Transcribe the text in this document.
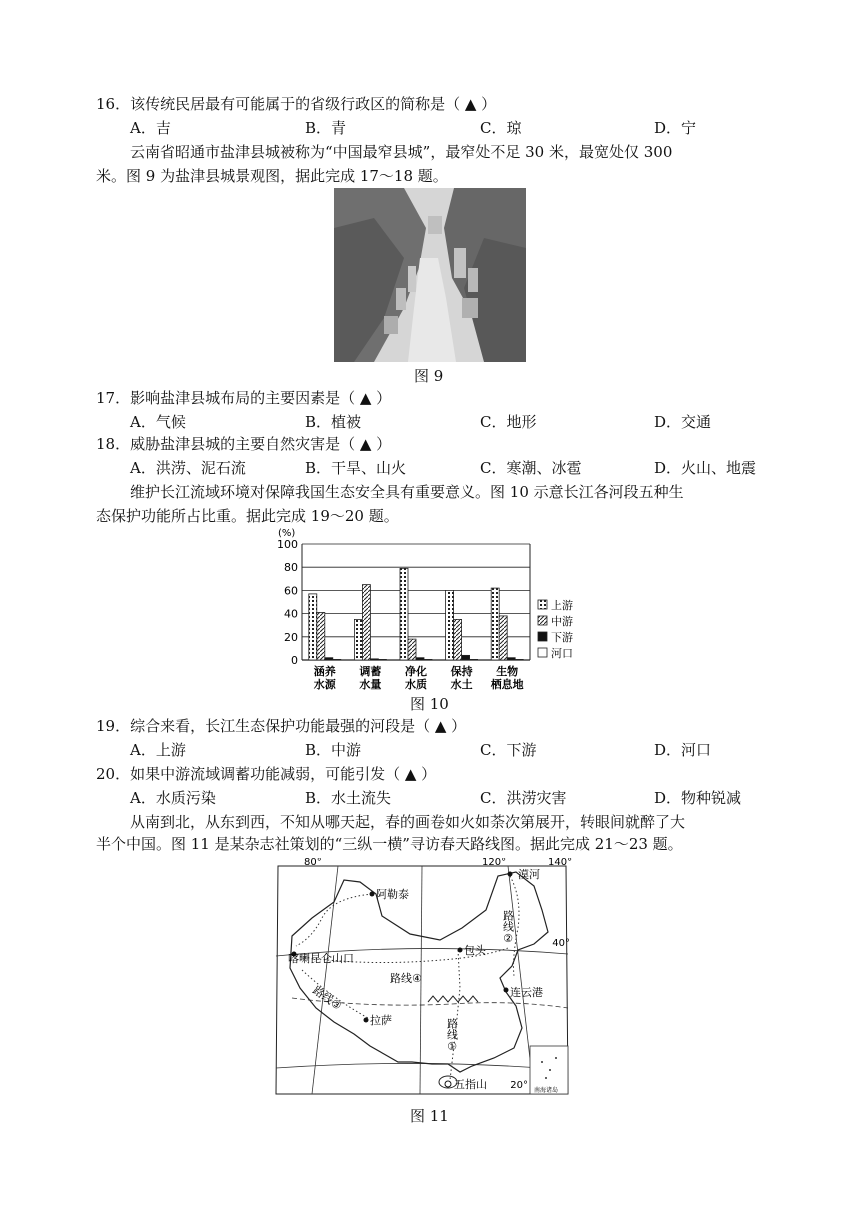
16．该传统民居最有可能属于的省级行政区的简称是（ ▲ ）
A．吉	B．青	C．琼	D．宁
云南省昭通市盐津县城被称为“中国最窄县城”，最窄处不足 30 米，最宽处仅 300
米。图 9 为盐津县城景观图，据此完成 17～18 题。
图 9
17．影响盐津县城布局的主要因素是（ ▲ ）
A．气候	B．植被	C．地形	D．交通
18．威胁盐津县城的主要自然灾害是（ ▲ ）
A．洪涝、泥石流	B．干旱、山火	C．寒潮、冰雹	D．火山、地震
维护长江流域环境对保障我国生态安全具有重要意义。图 10 示意长江各河段五种生
态保护功能所占比重。据此完成 19～20 题。
(%)
0
20
40
60
80
100
涵养
水源
调蓄
水量
净化
水质
保持
水土
生物
栖息地
上游
中游
下游
河口
图 10
19．综合来看，长江生态保护功能最强的河段是（ ▲ ）
A．上游	B．中游	C．下游	D．河口
20．如果中游流域调蓄功能减弱，可能引发（ ▲ ）
A．水质污染	B．水土流失	C．洪涝灾害	D．物种锐减
从南到北，从东到西，不知从哪天起，春的画卷如火如荼次第展开，转眼间就醉了大
半个中国。图 11 是某杂志社策划的“三纵一横”寻访春天路线图。据此完成 21～23 题。
80°	120°	140°
40°
20°
阿勒泰
漠河
包头
喀喇昆仑山口
连云港
拉萨
五指山
路线①
路线②
路线③
路线④
南海诸岛
图 11
